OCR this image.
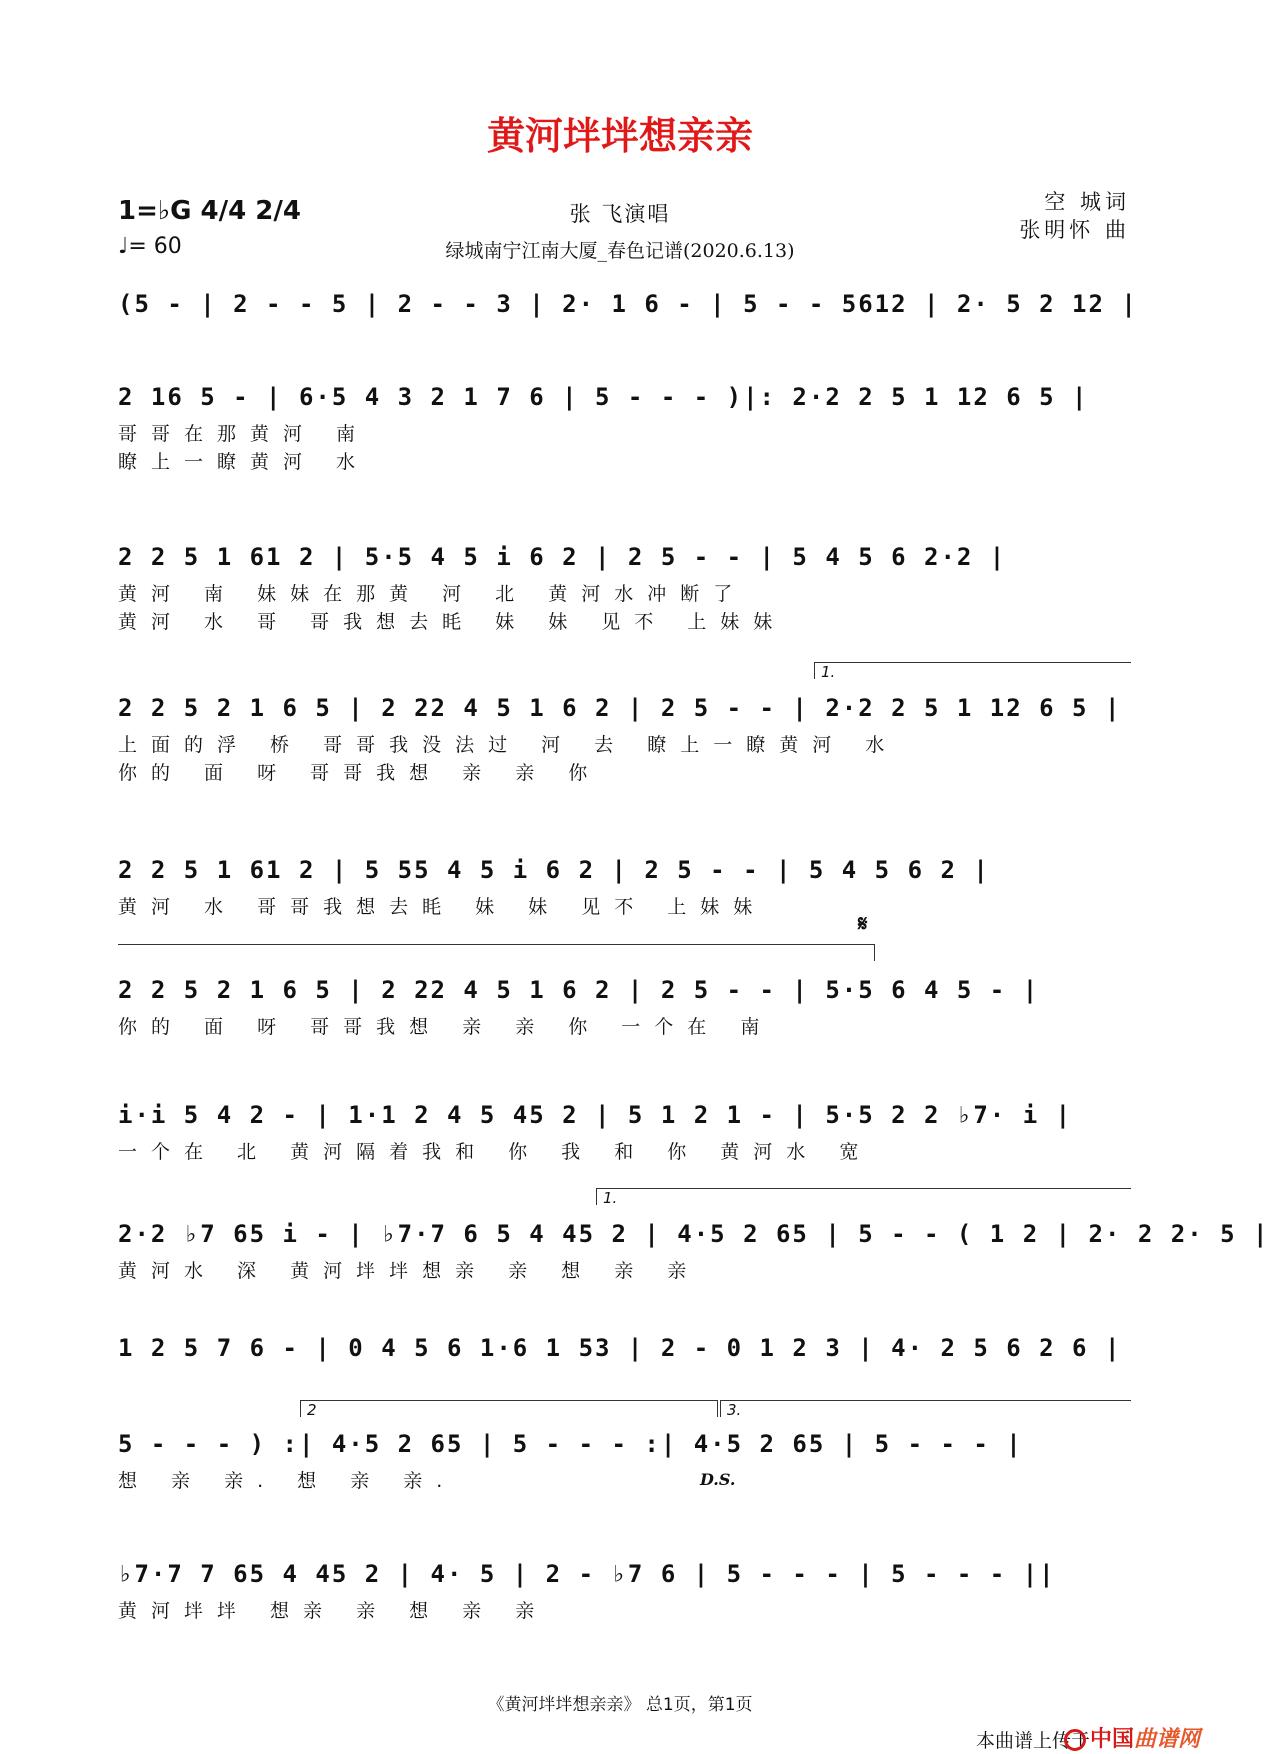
黄河坢坢想亲亲
1=♭G 4/4 2/4
♩= 60
张 飞演唱
绿城南宁江南大厦_春色记谱(2020.6.13)
空 城词
张明怀 曲
(5 - | 2 - - 5 | 2 - - 3 | 2· 1 6 - | 5 - - 5612 | 2· 5 2 12 |
2 16 5 - | 6·5 4 3 2 1 7 6 | 5 - - - )|: 2·2 2 5 1 12 6 5 |
哥哥在那黄河 南
瞭上一瞭黄河 水
2 2 5 1 61 2 | 5·5 4 5 i 6 2 | 2 5 - - | 5 4 5 6 2·2 |
黄河 南 妹妹在那黄 河 北 黄河水冲断了
黄河 水 哥 哥我想去眊 妹 妹 见不 上妹妹
1.
2 2 5 2 1 6 5 | 2 22 4 5 1 6 2 | 2 5 - - | 2·2 2 5 1 12 6 5 |
上面的浮 桥 哥哥我没法过 河 去 瞭上一瞭黄河 水
你的 面 呀 哥哥我想 亲 亲 你
2 2 5 1 61 2 | 5 55 4 5 i 6 2 | 2 5 - - | 5 4 5 6 2 |
黄河 水 哥哥我想去眊 妹 妹 见不 上妹妹
𝄋
2 2 5 2 1 6 5 | 2 22 4 5 1 6 2 | 2 5 - - | 5·5 6 4 5 - |
你的 面 呀 哥哥我想 亲 亲 你 一个在 南
i·i 5 4 2 - | 1·1 2 4 5 45 2 | 5 1 2 1 - | 5·5 2 2 ♭7· i |
一个在 北 黄河隔着我和 你 我 和 你 黄河水 宽
1.
2·2 ♭7 65 i - | ♭7·7 6 5 4 45 2 | 4·5 2 65 | 5 - - ( 1 2 | 2· 2 2· 5 |
黄河水 深 黄河坢坢想亲 亲 想 亲 亲
1 2 5 7 6 - | 0 4 5 6 1·6 1 53 | 2 - 0 1 2 3 | 4· 2 5 6 2 6 |
2	3.
D.S.
5 - - - ) :| 4·5 2 65 | 5 - - - :| 4·5 2 65 | 5 - - - |
想 亲 亲. 想 亲 亲.
♭7·7 7 65 4 45 2 | 4· 5 | 2 - ♭7 6 | 5 - - - | 5 - - - ||
黄河坢坢 想亲 亲 想 亲 亲
《黄河坢坢想亲亲》 总1页，第1页
本曲谱上传于 中国曲谱网
